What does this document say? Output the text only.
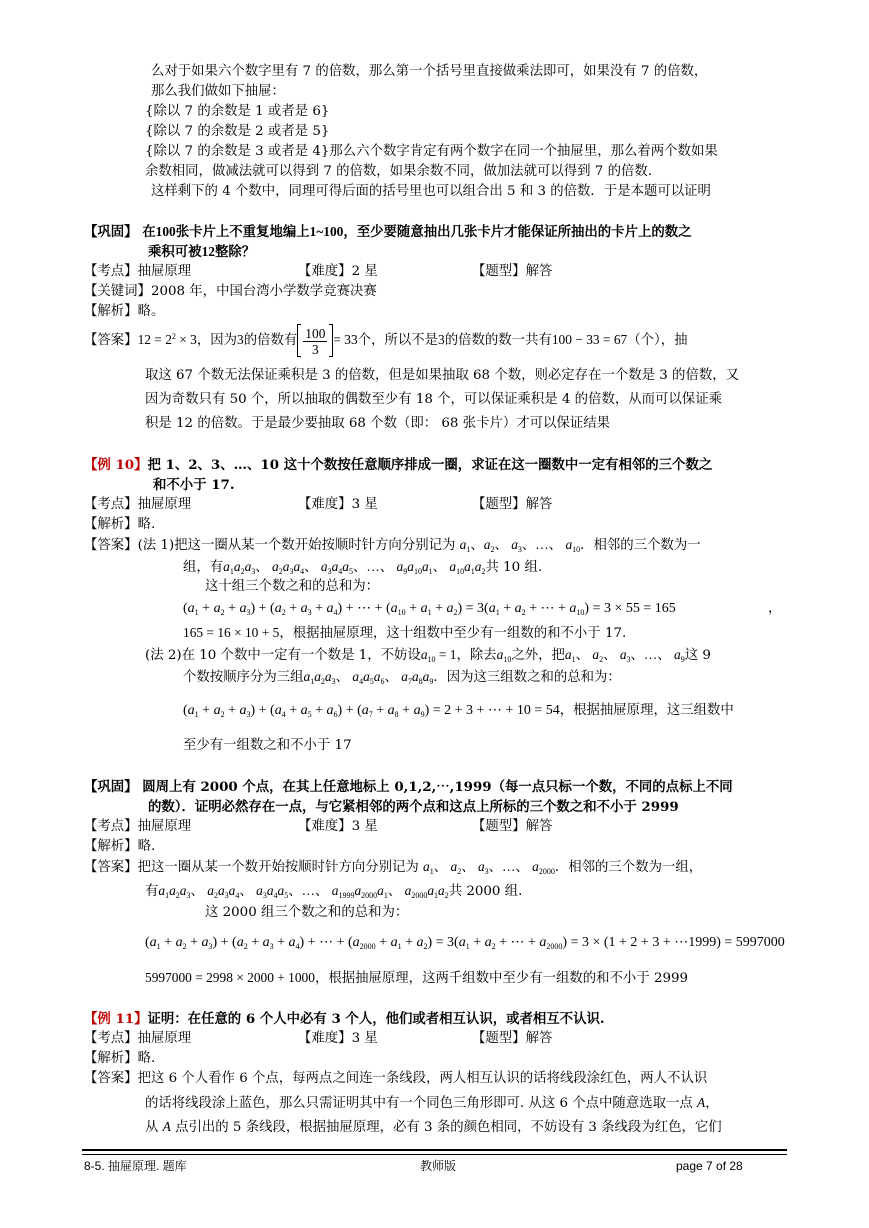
么对于如果六个数字里有 7 的倍数，那么第一个括号里直接做乘法即可，如果没有 7 的倍数，
那么我们做如下抽屉：
{除以 7 的余数是 1 或者是 6}
{除以 7 的余数是 2 或者是 5}
{除以 7 的余数是 3 或者是 4}那么六个数字肯定有两个数字在同一个抽屉里，那么着两个数如果
余数相同，做减法就可以得到 7 的倍数，如果余数不同，做加法就可以得到 7 的倍数.
这样剩下的 4 个数中，同理可得后面的括号里也可以组合出 5 和 3 的倍数．于是本题可以证明
【巩固】 在100张卡片上不重复地编上1~100，至少要随意抽出几张卡片才能保证所抽出的卡片上的数之
乘积可被12整除？
【考点】抽屉原理	【难度】2 星	【题型】解答
【关键词】2008 年，中国台湾小学数学竞赛决赛
【解析】略。
【答案】$12 = 2^2 \times 3$，因为3的倍数有 $\frac{100}{3} = 33$个，所以不是3的倍数的数一共有100 − 33 = 67（个），抽
取这 67 个数无法保证乘积是 3 的倍数，但是如果抽取 68 个数，则必定存在一个数是 3 的倍数，又
因为奇数只有 50 个，所以抽取的偶数至少有 18 个，可以保证乘积是 4 的倍数，从而可以保证乘
积是 12 的倍数。于是最少要抽取 68 个数（即： 68 张卡片）才可以保证结果
【例 10】把 1、2、3、…、10 这十个数按任意顺序排成一圈，求证在这一圈数中一定有相邻的三个数之
和不小于 17.
【考点】抽屉原理	【难度】3 星	【题型】解答
【解析】略.
【答案】(法 1)把这一圈从某一个数开始按顺时针方向分别记为 $a_1$、$a_2$、 $a_3$、…、 $a_{10}$．相邻的三个数为一
组，有$a_1a_2a_3$、 $a_2a_3a_4$、 $a_3a_4a_5$、…、 $a_9a_{10}a_1$、 $a_{10}a_1a_2$共 10 组.
这十组三个数之和的总和为：
$(a_1 + a_2 + a_3) + (a_2 + a_3 + a_4)$ + ⋯ + $(a_{10} + a_1 + a_2) = 3(a_1 + a_2$ + ⋯ + $a_{10}) = 3 \times 55 = 165$	，
165 = 16 × 10 + 5，根据抽屉原理，这十组数中至少有一组数的和不小于 17.
(法 2)在 10 个数中一定有一个数是 1，不妨设$a_{10} = 1$，除去$a_{10}$之外，把$a_1$、 $a_2$、 $a_3$、…、 $a_9$这 9
个数按顺序分为三组$a_1a_2a_3$、 $a_4a_5a_6$、 $a_7a_8a_9$．因为这三组数之和的总和为：
$(a_1 + a_2 + a_3) + (a_4 + a_5 + a_6) + (a_7 + a_8 + a_9) = 2 + 3$ + ⋯ + 10 = 54，根据抽屉原理，这三组数中
至少有一组数之和不小于 17
【巩固】 圆周上有 2000 个点，在其上任意地标上 0,1,2,⋯,1999（每一点只标一个数，不同的点标上不同
的数）．证明必然存在一点，与它紧相邻的两个点和这点上所标的三个数之和不小于 2999
【考点】抽屉原理	【难度】3 星	【题型】解答
【解析】略.
【答案】把这一圈从某一个数开始按顺时针方向分别记为 $a_1$、 $a_2$、 $a_3$、…、 $a_{2000}$．相邻的三个数为一组，
有$a_1a_2a_3$、 $a_2a_3a_4$、 $a_3a_4a_5$、…、 $a_{1999}a_{2000}a_1$、 $a_{2000}a_1a_2$共 2000 组.
这 2000 组三个数之和的总和为：
$(a_1 + a_2 + a_3) + (a_2 + a_3 + a_4)$ + ⋯ + $(a_{2000} + a_1 + a_2) = 3(a_1 + a_2$ + ⋯ + $a_{2000}) = 3 \times (1 + 2 + 3$ + ⋯1999) = 5997000
5997000 = 2998 × 2000 + 1000，根据抽屉原理，这两千组数中至少有一组数的和不小于 2999
【例 11】证明：在任意的 6 个人中必有 3 个人，他们或者相互认识，或者相互不认识.
【考点】抽屉原理	【难度】3 星	【题型】解答
【解析】略.
【答案】把这 6 个人看作 6 个点，每两点之间连一条线段，两人相互认识的话将线段涂红色，两人不认识
的话将线段涂上蓝色，那么只需证明其中有一个同色三角形即可. 从这 6 个点中随意选取一点 A，
从 A 点引出的 5 条线段，根据抽屉原理，必有 3 条的颜色相同，不妨设有 3 条线段为红色，它们
8-5. 抽屉原理. 题库	教师版	page 7 of 28
